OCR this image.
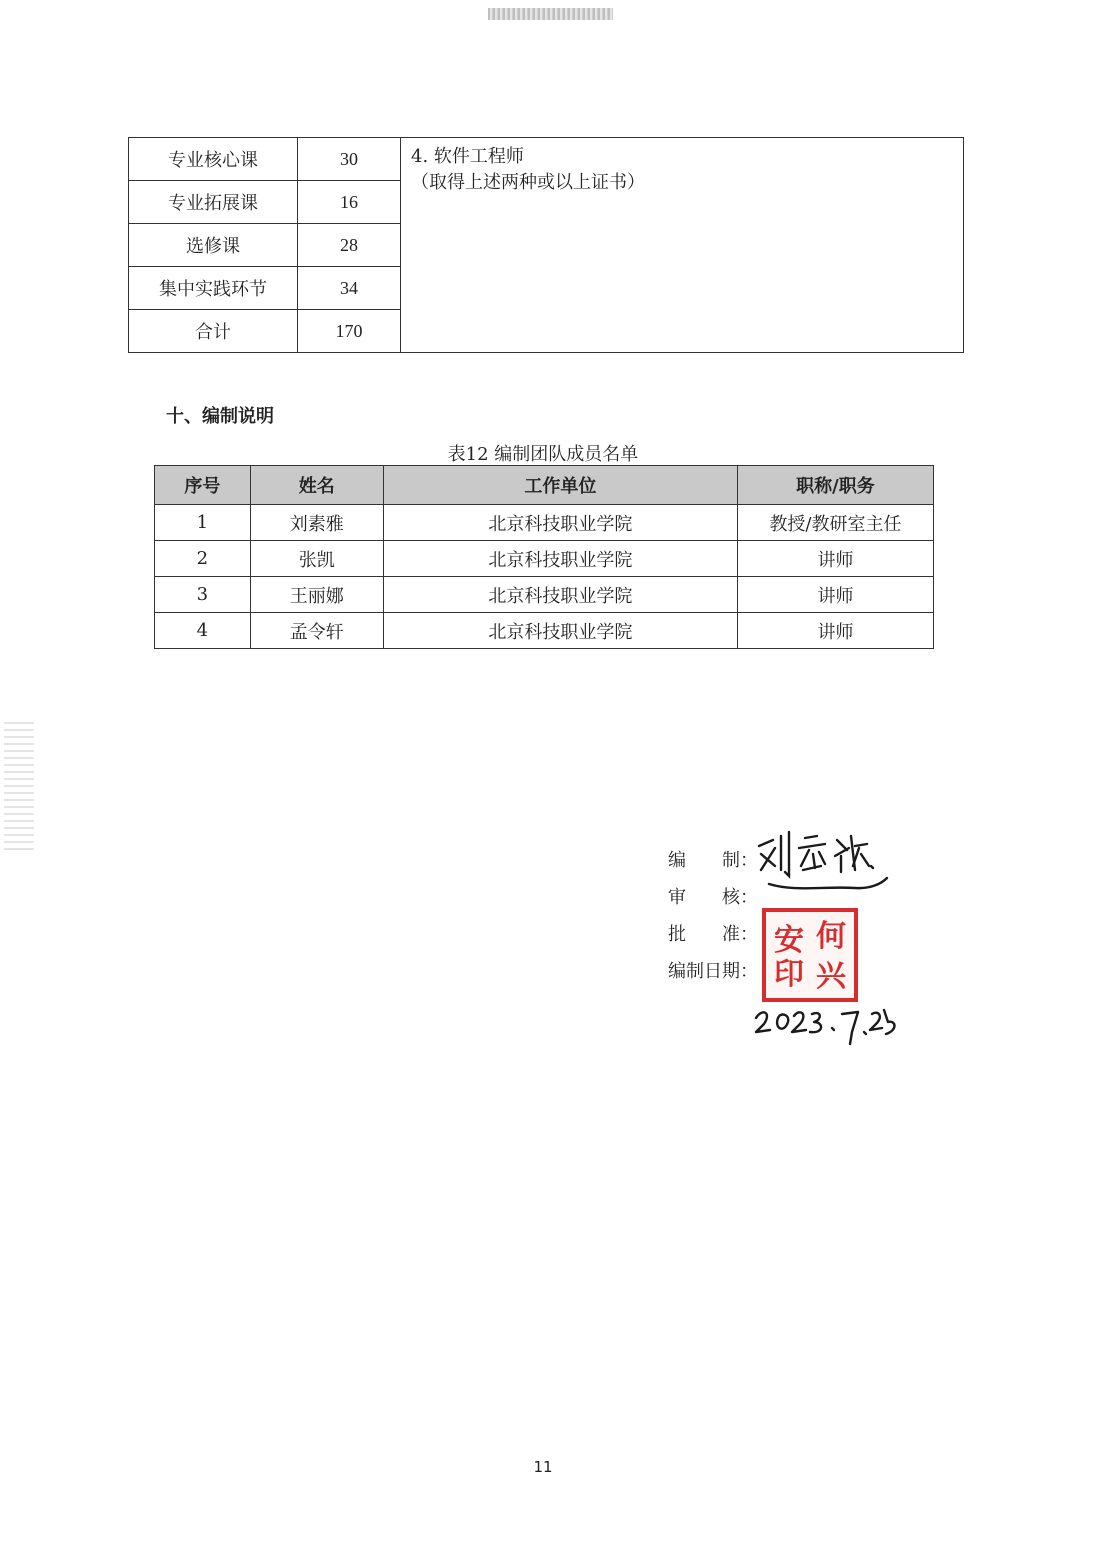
专业核心课	30	4. 软件工程师
（取得上述两种或以上证书）

专业拓展课	16	
选修课	28	
集中实践环节	34	
合计	170	
十、编制说明
表12 编制团队成员名单
序号	姓名	工作单位	职称/职务
1	刘素雅	北京科技职业学院	教授/教研室主任
2	张凯	北京科技职业学院	讲师
3	王丽娜	北京科技职业学院	讲师
4	孟令轩	北京科技职业学院	讲师
编　　制：
审　　核：
批　　准：
编制日期：
安 何
印 兴
11
